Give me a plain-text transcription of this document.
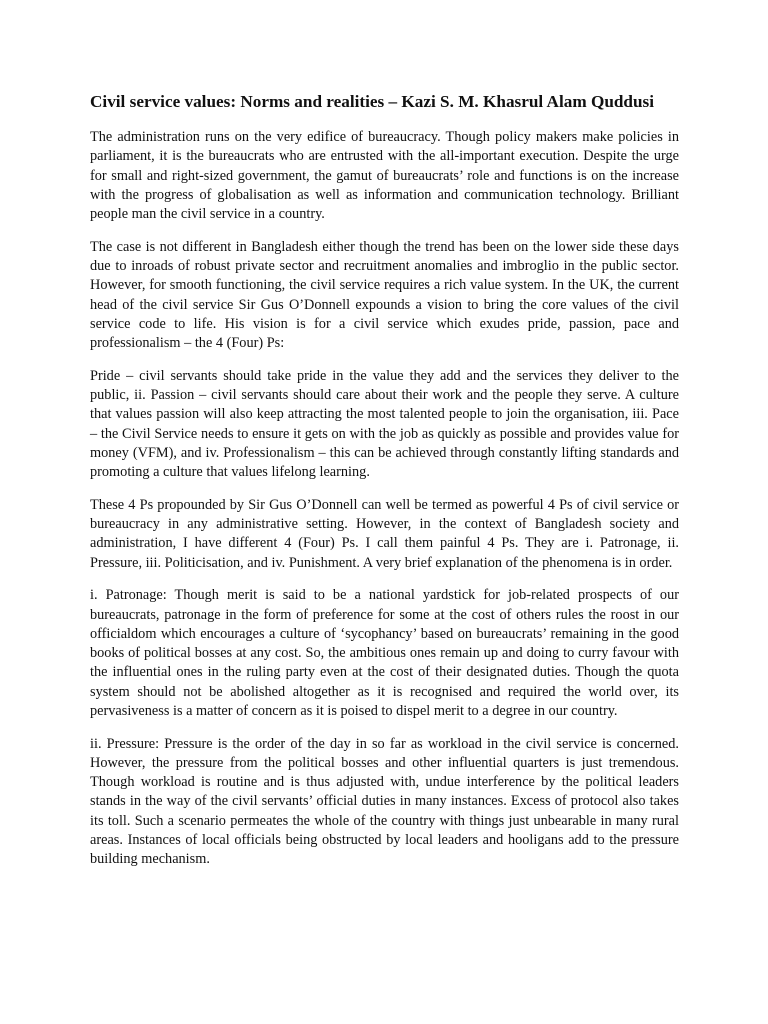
Civil service values: Norms and realities – Kazi S. M. Khasrul Alam Quddusi

The administration runs on the very edifice of bureaucracy. Though policy makers make policies in parliament, it is the bureaucrats who are entrusted with the all-important execution. Despite the urge for small and right-sized government, the gamut of bureaucrats’ role and functions is on the increase with the progress of globalisation as well as information and communication technology. Brilliant people man the civil service in a country.

The case is not different in Bangladesh either though the trend has been on the lower side these days due to inroads of robust private sector and recruitment anomalies and imbroglio in the public sector. However, for smooth functioning, the civil service requires a rich value system. In the UK, the current head of the civil service Sir Gus O’Donnell expounds a vision to bring the core values of the civil service code to life. His vision is for a civil service which exudes pride, passion, pace and professionalism – the 4 (Four) Ps:

Pride – civil servants should take pride in the value they add and the services they deliver to the public, ii. Passion – civil servants should care about their work and the people they serve. A culture that values passion will also keep attracting the most talented people to join the organisation, iii. Pace – the Civil Service needs to ensure it gets on with the job as quickly as possible and provides value for money (VFM), and iv. Professionalism – this can be achieved through constantly lifting standards and promoting a culture that values lifelong learning.

These 4 Ps propounded by Sir Gus O’Donnell can well be termed as powerful 4 Ps of civil service or bureaucracy in any administrative setting. However, in the context of Bangladesh society and administration, I have different 4 (Four) Ps. I call them painful 4 Ps. They are i. Patronage, ii. Pressure, iii. Politicisation, and iv. Punishment. A very brief explanation of the phenomena is in order.

i. Patronage: Though merit is said to be a national yardstick for job-related prospects of our bureaucrats, patronage in the form of preference for some at the cost of others rules the roost in our officialdom which encourages a culture of ‘sycophancy’ based on bureaucrats’ remaining in the good books of political bosses at any cost. So, the ambitious ones remain up and doing to curry favour with the influential ones in the ruling party even at the cost of their designated duties. Though the quota system should not be abolished altogether as it is recognised and required the world over, its pervasiveness is a matter of concern as it is poised to dispel merit to a degree in our country.

ii. Pressure: Pressure is the order of the day in so far as workload in the civil service is concerned. However, the pressure from the political bosses and other influential quarters is just tremendous. Though workload is routine and is thus adjusted with, undue interference by the political leaders stands in the way of the civil servants’ official duties in many instances. Excess of protocol also takes its toll. Such a scenario permeates the whole of the country with things just unbearable in many rural areas. Instances of local officials being obstructed by local leaders and hooligans add to the pressure building mechanism.
